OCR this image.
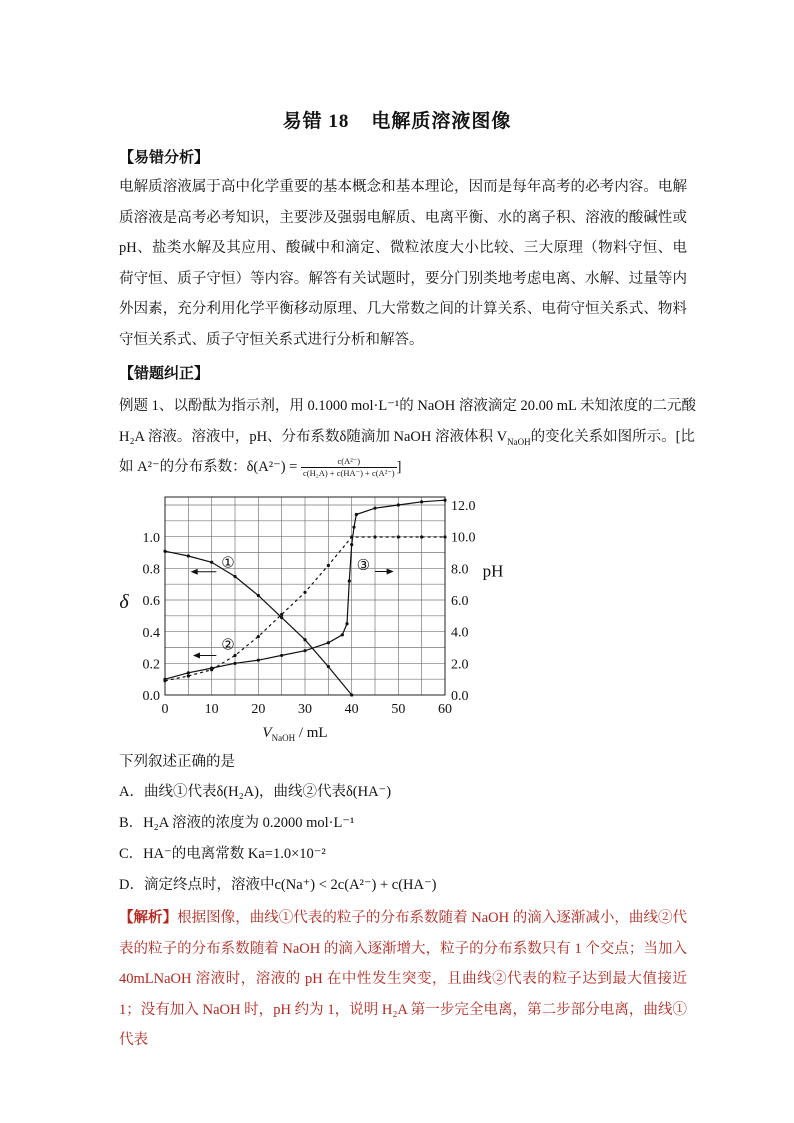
易错 18 电解质溶液图像
【易错分析】
电解质溶液属于高中化学重要的基本概念和基本理论，因而是每年高考的必考内容。电解质溶液是高考必考知识，主要涉及强弱电解质、电离平衡、水的离子积、溶液的酸碱性或 pH、盐类水解及其应用、酸碱中和滴定、微粒浓度大小比较、三大原理（物料守恒、电荷守恒、质子守恒）等内容。解答有关试题时，要分门别类地考虑电离、水解、过量等内外因素，充分利用化学平衡移动原理、几大常数之间的计算关系、电荷守恒关系式、物料守恒关系式、质子守恒关系式进行分析和解答。
【错题纠正】
例题 1、以酚酞为指示剂，用 0.1000 mol·L⁻¹的 NaOH 溶液滴定 20.00 mL 未知浓度的二元酸
H₂A 溶液。溶液中，pH、分布系数δ随滴加 NaOH 溶液体积 $V_{NaOH}$的变化关系如图所示。[比
如 A²⁻的分布系数：$\delta(A^{2-}) = \frac{\text{c(A²⁻)}}{\text{c(H₂A) + c(HA⁻) + c(A²⁻)}}$ ]
0	10 20 30 40 50 60
0.0
0.2
0.4
0.6
0.8
1.0
0.0
2.0
4.0
6.0
8.0
10.0
12.0
δ
pH
$V_{NaOH}$ / mL
①
②
③
下列叙述正确的是
A．曲线①代表δ(H₂A)，曲线②代表δ(HA⁻)
B．H₂A 溶液的浓度为 0.2000 mol·L⁻¹
C．HA⁻的电离常数 Ka=1.0×10⁻²
D．滴定终点时，溶液中c(Na⁺) < 2c(A²⁻) + c(HA⁻)
【解析】根据图像，曲线①代表的粒子的分布系数随着 NaOH 的滴入逐渐减小，曲线②代表的粒子的分布系数随着 NaOH 的滴入逐渐增大，粒子的分布系数只有 1 个交点；当加入 40mLNaOH 溶液时，溶液的 pH 在中性发生突变，且曲线②代表的粒子达到最大值接近 1；没有加入 NaOH 时，pH 约为 1，说明 H₂A 第一步完全电离，第二步部分电离，曲线①代表
